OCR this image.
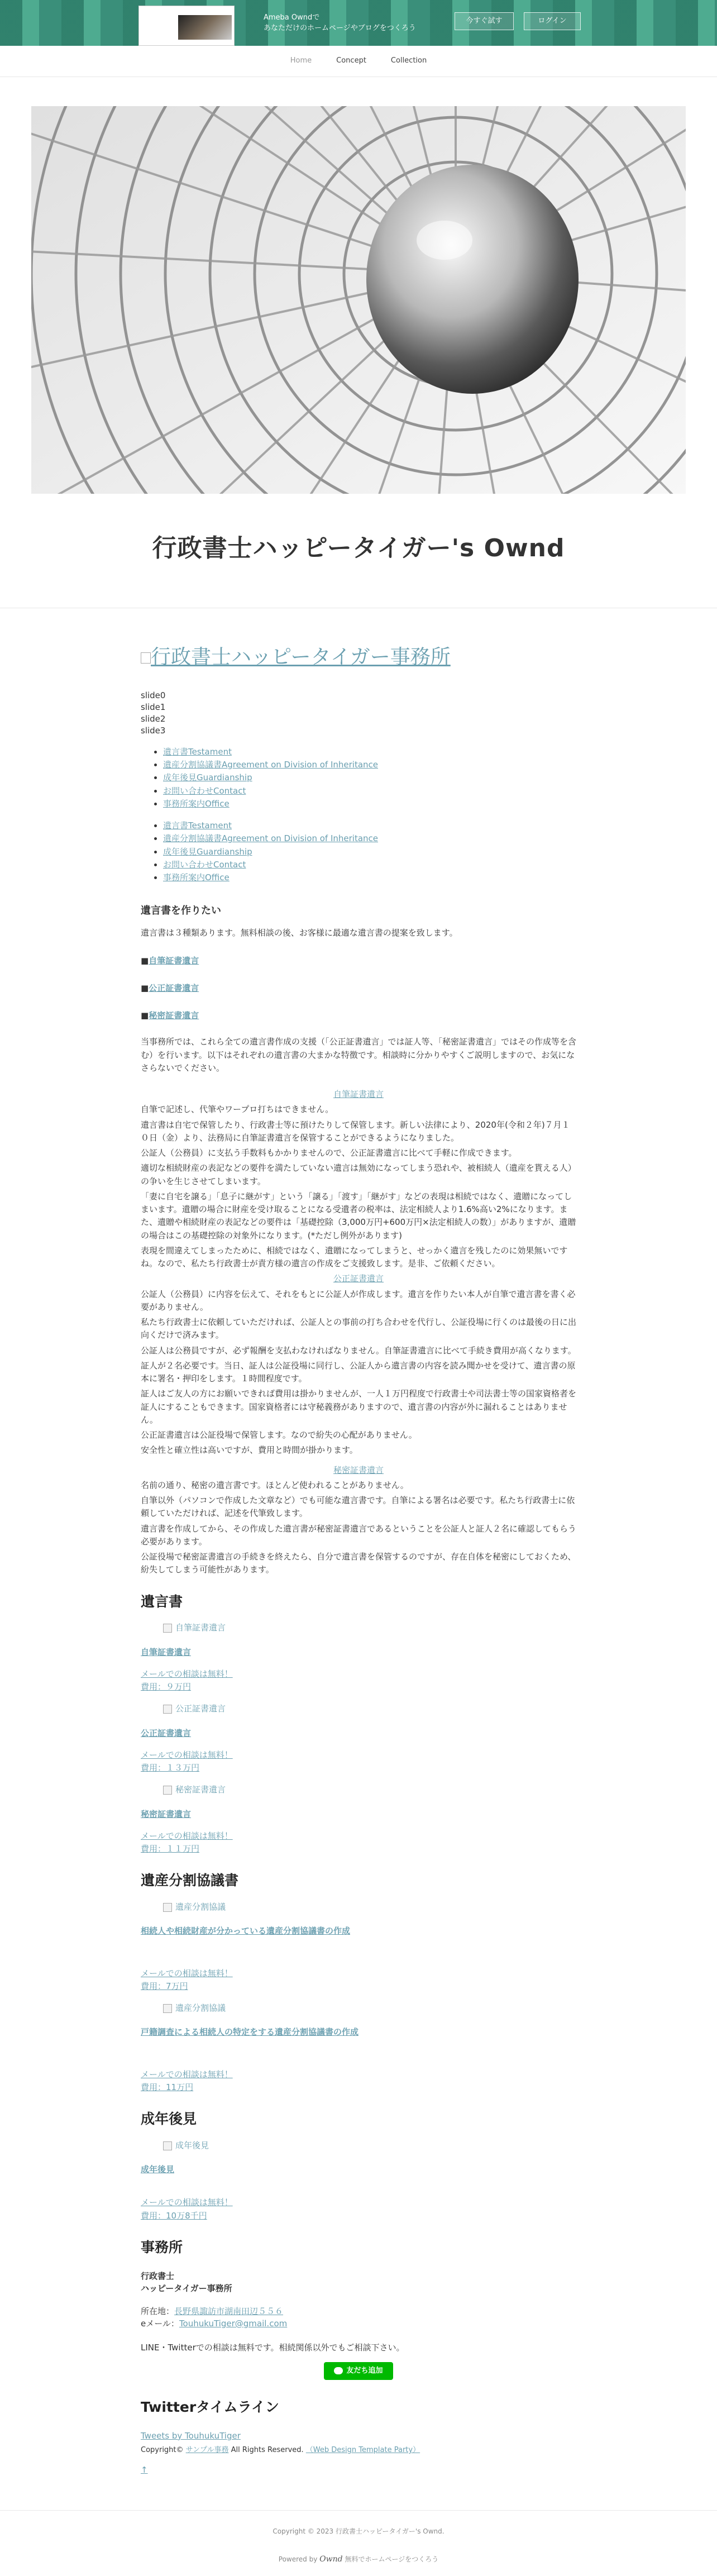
Ameba Owndで
あなただけのホームページやブログをつくろう
今すぐ試す	ログイン
Home	Concept	Collection
行政書士ハッピータイガー's Ownd
行政書士ハッピータイガー事務所
slide0
slide1
slide2
slide3
• 遺言書Testament
• 遺産分割協議書Agreement on Division of Inheritance
• 成年後見Guardianship
• お問い合わせContact
• 事務所案内Office
• 遺言書Testament
• 遺産分割協議書Agreement on Division of Inheritance
• 成年後見Guardianship
• お問い合わせContact
• 事務所案内Office
遺言書を作りたい

遺言書は３種類あります。無料相談の後、お客様に最適な遺言書の提案を致します。

■自筆証書遺言
■公正証書遺言
■秘密証書遺言

当事務所では、これら全ての遺言書作成の支援（「公正証書遺言」では証人等、「秘密証書遺言」ではその作成等を含む）を行います。以下はそれぞれの遺言書の大まかな特徴です。相談時に分かりやすくご説明しますので、お気になさらないでください。

自筆証書遺言

自筆で記述し、代筆やワープロ打ちはできません。

遺言書は自宅で保管したり、行政書士等に預けたりして保管します。新しい法律により、2020年(令和２年)７月１０日（金）より、法務局に自筆証書遺言を保管することができるようになりました。

公証人（公務員）に支払う手数料もかかりませんので、公正証書遺言に比べて手軽に作成できます。

適切な相続財産の表記などの要件を満たしていない遺言は無効になってしまう恐れや、被相続人（遺産を貰える人）の争いを生じさせてしまいます。

「妻に自宅を譲る」「息子に継がす」という「譲る」「渡す」「継がす」などの表現は相続ではなく、遺贈になってしまいます。遺贈の場合に財産を受け取ることになる受遺者の税率は、法定相続人より1.6%高い2%になります。また、遺贈や相続財産の表記などの要件は「基礎控除（3,000万円+600万円×法定相続人の数）」がありますが、遺贈の場合はこの基礎控除の対象外になります。(*ただし例外があります)

表現を間違えてしまったために、相続ではなく、遺贈になってしまうと、せっかく遺言を残したのに効果無いですね。なので、私たち行政書士が責方様の遺言の作成をご支援致します。是非、ご依頼ください。

公正証書遺言

公証人（公務員）に内容を伝えて、それをもとに公証人が作成します。遺言を作りたい本人が自筆で遺言書を書く必要がありません。

私たち行政書士に依頼していただければ、公証人との事前の打ち合わせを代行し、公証役場に行くのは最後の日に出向くだけで済みます。

公証人は公務員ですが、必ず報酬を支払わなければなりません。自筆証書遺言に比べて手続き費用が高くなります。

証人が２名必要です。当日、証人は公証役場に同行し、公証人から遺言書の内容を読み聞かせを受けて、遺言書の原本に署名・押印をします。１時間程度です。

証人はご友人の方にお願いできれば費用は掛かりませんが、一人１万円程度で行政書士や司法書士等の国家資格者を証人にすることもできます。国家資格者には守秘義務がありますので、遺言書の内容が外に漏れることはありません。

公正証書遺言は公証役場で保管します。なので紛失の心配がありません。

安全性と確立性は高いですが、費用と時間が掛かります。

秘密証書遺言

名前の通り、秘密の遺言書です。ほとんど使われることがありません。

自筆以外（パソコンで作成した文章など）でも可能な遺言書です。自筆による署名は必要です。私たち行政書士に依頼していただければ、記述を代筆致します。

遺言書を作成してから、その作成した遺言書が秘密証書遺言であるということを公証人と証人２名に確認してもらう必要があります。

公証役場で秘密証書遺言の手続きを終えたら、自分で遺言書を保管するのですが、存在自体を秘密にしておくため、紛失してしまう可能性があります。

遺言書
自筆証書遺言
自筆証書遺言
メールでの相談は無料！
費用：９万円
公正証書遺言
公正証書遺言
メールでの相談は無料！
費用：１３万円
秘密証書遺言
秘密証書遺言
メールでの相談は無料！
費用：１１万円
遺産分割協議書
遺産分割協議
相続人や相続財産が分かっている遺産分割協議書の作成
メールでの相談は無料！
費用：7万円
遺産分割協議
戸籍調査による相続人の特定をする遺産分割協議書の作成
メールでの相談は無料！
費用：11万円
成年後見
成年後見
成年後見
メールでの相談は無料！
費用：10万8千円
事務所
行政書士
ハッピータイガー事務所
所在地：長野県諏訪市湖南田辺５５６
eメール：TouhukuTiger@gmail.com

LINE・Twitterでの相談は無料です。相続関係以外でもご相談下さい。

友だち追加
Twitterタイムライン

Tweets by TouhukuTiger

Copyright© サンプル事務 All Rights Reserved. （Web Design Template Party）

↑

Copyright © 2023 行政書士ハッピータイガー's Ownd.
Powered by Ownd 無料でホームページをつくろう
